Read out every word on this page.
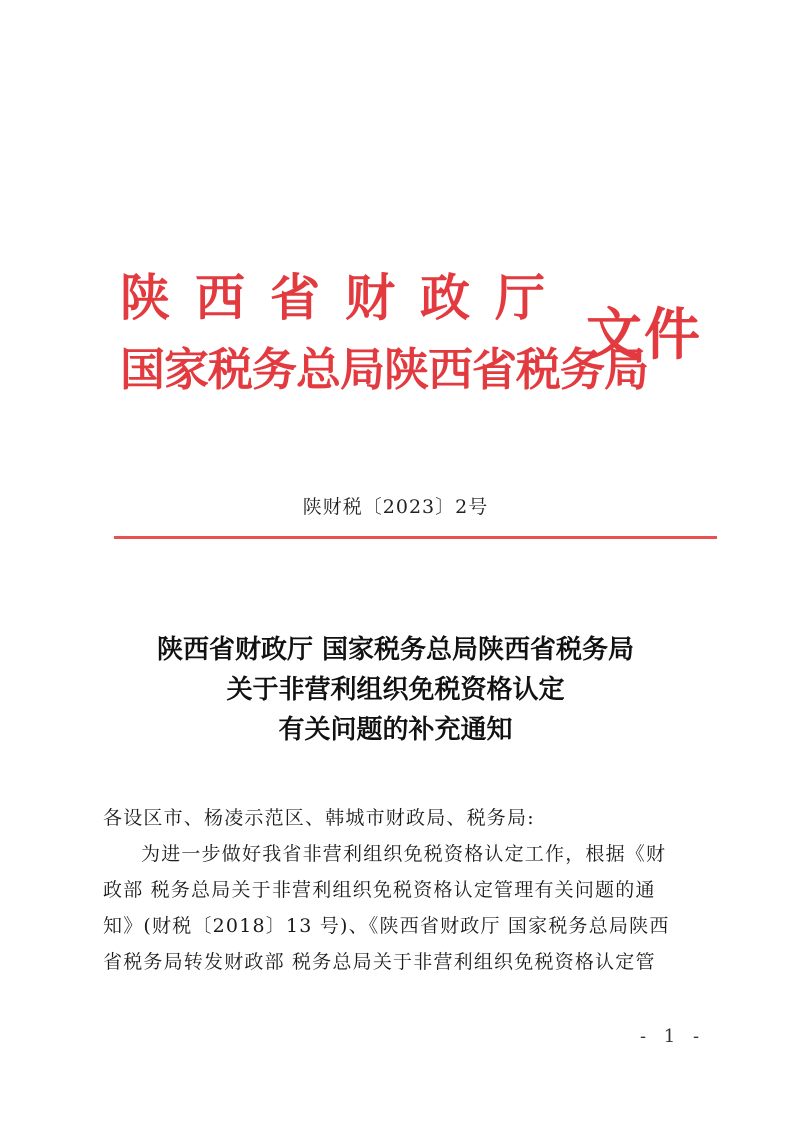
陕西省财政厅
国家税务总局陕西省税务局
文件
陕财税〔2023〕2号
陕西省财政厅 国家税务总局陕西省税务局
关于非营利组织免税资格认定
有关问题的补充通知
各设区市、杨凌示范区、韩城市财政局、税务局:
为进一步做好我省非营利组织免税资格认定工作，根据《财
政部 税务总局关于非营利组织免税资格认定管理有关问题的通
知》(财税〔2018〕13 号)、《陕西省财政厅 国家税务总局陕西
省税务局转发财政部 税务总局关于非营利组织免税资格认定管
- 1 -
